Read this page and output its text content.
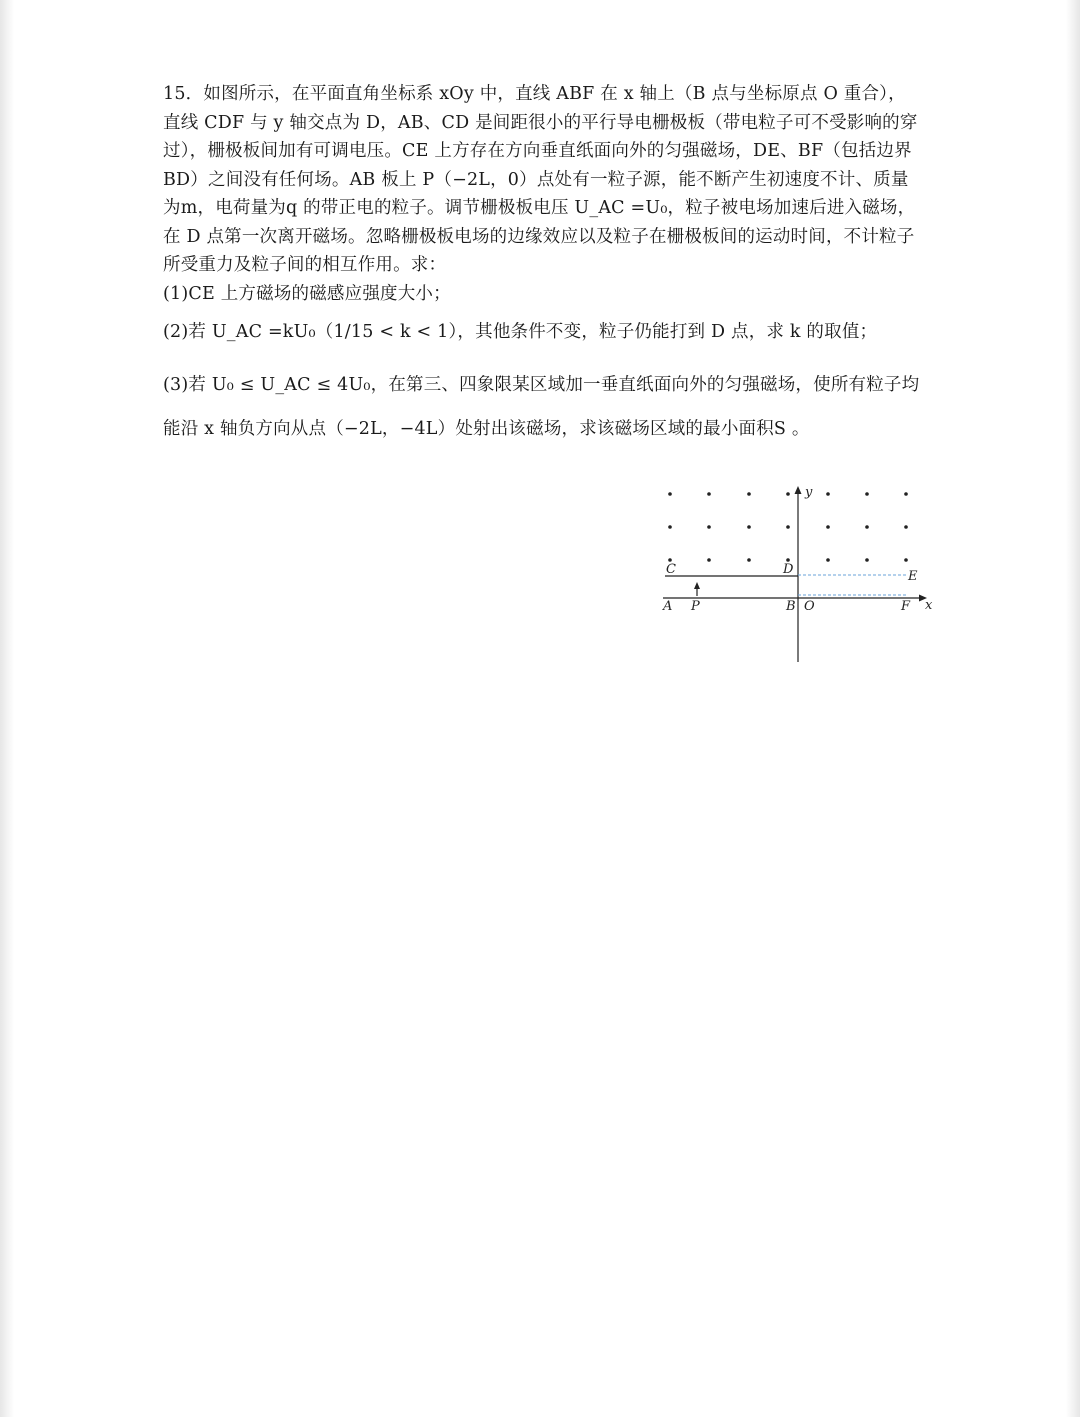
15．如图所示，在平面直角坐标系 xOy 中，直线 ABF 在 x 轴上（B 点与坐标原点 O 重合），直线 CDF 与 y 轴交点为 D，AB、CD 是间距很小的平行导电栅极板（带电粒子可不受影响的穿过），栅极板间加有可调电压。CE 上方存在方向垂直纸面向外的匀强磁场，DE、BF（包括边界 BD）之间没有任何场。AB 板上 P（−2L，0）点处有一粒子源，能不断产生初速度不计、质量为m，电荷量为q 的带正电的粒子。调节栅极板电压 U_AC =U₀，粒子被电场加速后进入磁场，在 D 点第一次离开磁场。忽略栅极板电场的边缘效应以及粒子在栅极板间的运动时间，不计粒子所受重力及粒子间的相互作用。求：

(1)CE 上方磁场的磁感应强度大小；

(2)若 U_AC =kU₀（1/15 < k < 1），其他条件不变，粒子仍能打到 D 点，求 k 的取值；

(3)若 U₀ ≤ U_AC ≤ 4U₀，在第三、四象限某区域加一垂直纸面向外的匀强磁场，使所有粒子均能沿 x 轴负方向从点（−2L，−4L）处射出该磁场，求该磁场区域的最小面积S 。

y
x
C	D	E
A P	B O	F
